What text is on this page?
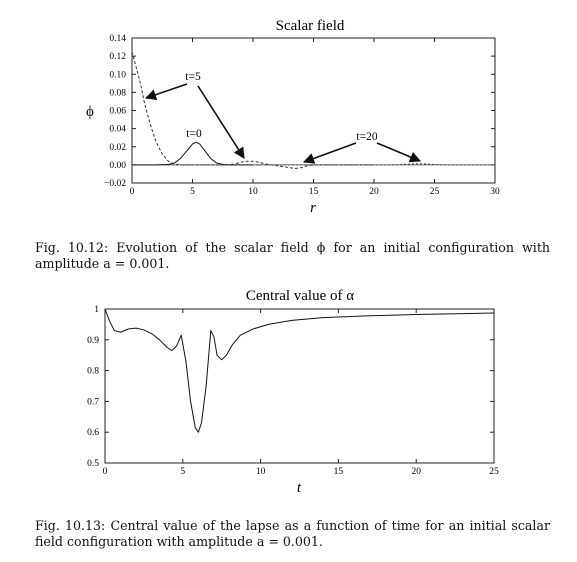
Scalar field
0	5	10	15	20	25	30
−0.02
0.00
0.02
0.04
0.06
0.08
0.10
0.12
0.14
ϕ
r
t=5
t=0	t=20
Fig. 10.12: Evolution of the scalar field ϕ for an initial configuration with amplitude a = 0.001.
Central value of α
0	5	10	15	20	25
0.5
0.6
0.7
0.8
0.9
1
t
Fig. 10.13: Central value of the lapse as a function of time for an initial scalar field configuration with amplitude a = 0.001.
